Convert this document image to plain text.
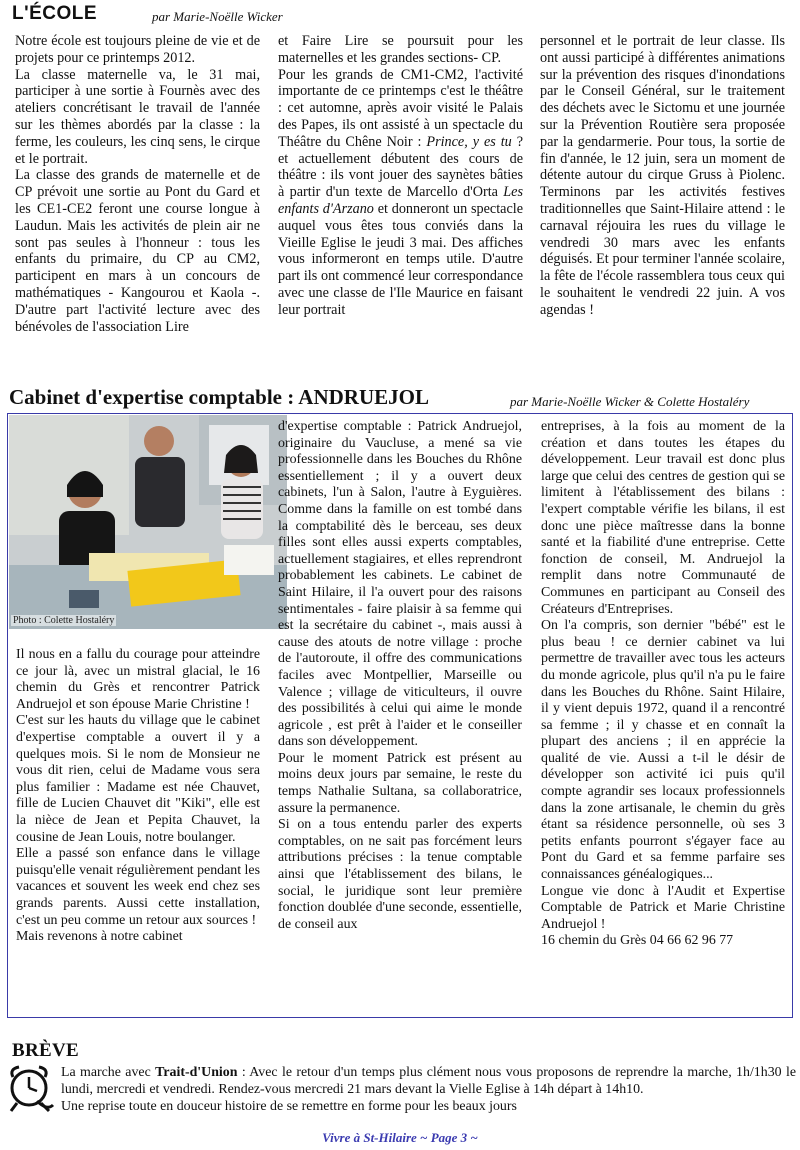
L'ÉCOLE	par Marie-Noëlle Wicker

Notre école est toujours pleine de vie et de projets pour ce printemps 2012.

La classe maternelle va, le 31 mai, participer à une sortie à Fournès avec des ateliers concrétisant le travail de l'année sur les thèmes abordés par la classe : la ferme, les couleurs, les cinq sens, le cirque et le portrait.

La classe des grands de maternelle et de CP prévoit une sortie au Pont du Gard et les CE1-CE2 feront une course longue à Laudun. Mais les activités de plein air ne sont pas seules à l'honneur : tous les enfants du primaire, du CP au CM2, participent en mars à un concours de mathématiques - Kangourou et Kaola -. D'autre part l'activité lecture avec des bénévoles de l'association Lire

et Faire Lire se poursuit pour les maternelles et les grandes sections- CP.

Pour les grands de CM1-CM2, l'activité importante de ce printemps c'est le théâtre : cet automne, après avoir visité le Palais des Papes, ils ont assisté à un spectacle du Théâtre du Chêne Noir : Prince, y es tu ? et actuellement débutent des cours de théâtre : ils vont jouer des saynètes bâties à partir d'un texte de Marcello d'Orta Les enfants d'Arzano et donneront un spectacle auquel vous êtes tous conviés dans la Vieille Eglise le jeudi 3 mai. Des affiches vous informeront en temps utile. D'autre part ils ont commencé leur correspondance avec une classe de l'Ile Maurice en faisant leur portrait

personnel et le portrait de leur classe. Ils ont aussi participé à différentes animations sur la prévention des risques d'inondations par le Conseil Général, sur le traitement des déchets avec le Sictomu et une journée sur la Prévention Routière sera proposée par la gendarmerie. Pour tous, la sortie de fin d'année, le 12 juin, sera un moment de détente autour du cirque Gruss à Piolenc. Terminons par les activités festives traditionnelles que Saint-Hilaire attend : le carnaval réjouira les rues du village le vendredi 30 mars avec les enfants déguisés. Et pour terminer l'année scolaire, la fête de l'école rassemblera tous ceux qui le souhaitent le vendredi 22 juin. A vos agendas !

Cabinet d'expertise comptable : ANDRUEJOL	par Marie-Noëlle Wicker & Colette Hostaléry
Photo : Colette Hostaléry

Il nous en a fallu du courage pour atteindre ce jour là, avec un mistral glacial, le 16 chemin du Grès et rencontrer Patrick Andruejol et son épouse Marie Christine !

C'est sur les hauts du village que le cabinet d'expertise comptable a ouvert il y a quelques mois. Si le nom de Monsieur ne vous dit rien, celui de Madame vous sera plus familier : Madame est née Chauvet, fille de Lucien Chauvet dit "Kiki", elle est la nièce de Jean et Pepita Chauvet, la cousine de Jean Louis, notre boulanger.

Elle a passé son enfance dans le village puisqu'elle venait régulièrement pendant les vacances et souvent les week end chez ses grands parents. Aussi cette installation, c'est un peu comme un retour aux sources !

Mais revenons à notre cabinet

d'expertise comptable : Patrick Andruejol, originaire du Vaucluse, a mené sa vie professionnelle dans les Bouches du Rhône essentiellement ; il y a ouvert deux cabinets, l'un à Salon, l'autre à Eyguières. Comme dans la famille on est tombé dans la comptabilité dès le berceau, ses deux filles sont elles aussi experts comptables, actuellement stagiaires, et elles reprendront probablement les cabinets. Le cabinet de Saint Hilaire, il l'a ouvert pour des raisons sentimentales - faire plaisir à sa femme qui est la secrétaire du cabinet -, mais aussi à cause des atouts de notre village : proche de l'autoroute, il offre des communications faciles avec Montpellier, Marseille ou Valence ; village de viticulteurs, il ouvre des possibilités à celui qui aime le monde agricole , est prêt à l'aider et le conseiller dans son développement.

Pour le moment Patrick est présent au moins deux jours par semaine, le reste du temps Nathalie Sultana, sa collaboratrice, assure la permanence.

Si on a tous entendu parler des experts comptables, on ne sait pas forcément leurs attributions précises : la tenue comptable ainsi que l'établissement des bilans, le social, le juridique sont leur première fonction doublée d'une seconde, essentielle, de conseil aux

entreprises, à la fois au moment de la création et dans toutes les étapes du développement. Leur travail est donc plus large que celui des centres de gestion qui se limitent à l'établissement des bilans : l'expert comptable vérifie les bilans, il est donc une pièce maîtresse dans la bonne santé et la fiabilité d'une entreprise. Cette fonction de conseil, M. Andruejol la remplit dans notre Communauté de Communes en participant au Conseil des Créateurs d'Entreprises.

On l'a compris, son dernier "bébé" est le plus beau ! ce dernier cabinet va lui permettre de travailler avec tous les acteurs du monde agricole, plus qu'il n'a pu le faire dans les Bouches du Rhône. Saint Hilaire, il y vient depuis 1972, quand il a rencontré sa femme ; il y chasse et en connaît la plupart des anciens ; il en apprécie la qualité de vie. Aussi a t-il le désir de développer son activité ici puis qu'il compte agrandir ses locaux professionnels dans la zone artisanale, le chemin du grès étant sa résidence personnelle, où ses 3 petits enfants pourront s'égayer face au Pont du Gard et sa femme parfaire ses connaissances généalogiques...

Longue vie donc à l'Audit et Expertise Comptable de Patrick et Marie Christine Andruejol !

16 chemin du Grès 04 66 62 96 77

BRÈVE
La marche avec Trait-d'Union : Avec le retour d'un temps plus clément nous vous proposons de reprendre la marche, 1h/1h30 le lundi, mercredi et vendredi. Rendez-vous mercredi 21 mars devant la Vielle Eglise à 14h départ à 14h10.
Une reprise toute en douceur histoire de se remettre en forme pour les beaux jours
Vivre à St-Hilaire ~ Page 3 ~
